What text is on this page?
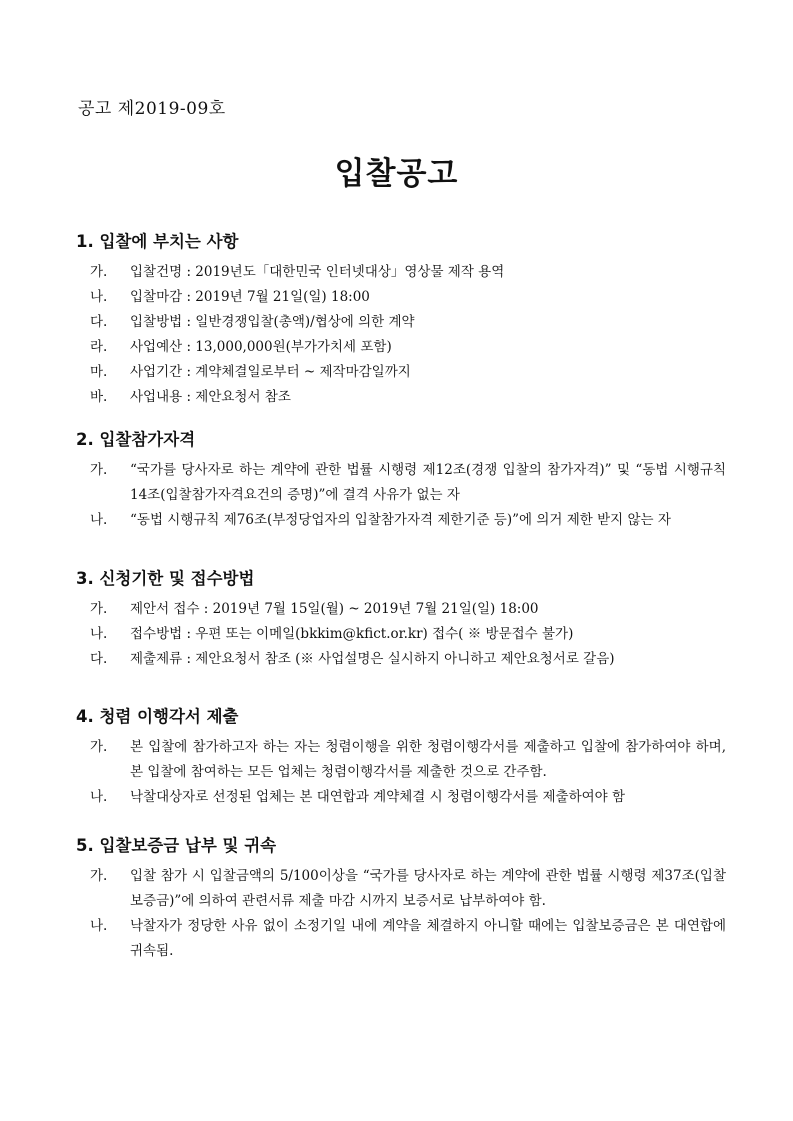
공고 제2019-09호
입찰공고
1. 입찰에 부치는 사항
가.	입찰건명 : 2019년도「대한민국 인터넷대상」영상물 제작 용역
나.	입찰마감 : 2019년 7월 21일(일) 18:00
다.	입찰방법 : 일반경쟁입찰(총액)/협상에 의한 계약
라.	사업예산 : 13,000,000원(부가가치세 포함)
마.	사업기간 : 계약체결일로부터 ~ 제작마감일까지
바.	사업내용 : 제안요청서 참조
2. 입찰참가자격
가.	“국가를 당사자로 하는 계약에 관한 법률 시행령 제12조(경쟁 입찰의 참가자격)” 및 “동법 시행규칙 14조(입찰참가자격요건의 증명)”에 결격 사유가 없는 자
나.	“동법 시행규칙 제76조(부정당업자의 입찰참가자격 제한기준 등)”에 의거 제한 받지 않는 자
3. 신청기한 및 접수방법
가.	제안서 접수 : 2019년 7월 15일(월) ~ 2019년 7월 21일(일) 18:00
나.	접수방법 : 우편 또는 이메일(bkkim@kfict.or.kr) 접수( ※ 방문접수 불가)
다.	제출제류 : 제안요청서 참조 (※ 사업설명은 실시하지 아니하고 제안요청서로 갈음)
4. 청렴 이행각서 제출
가.	본 입찰에 참가하고자 하는 자는 청렴이행을 위한 청렴이행각서를 제출하고 입찰에 참가하여야 하며, 본 입찰에 참여하는 모든 업체는 청렴이행각서를 제출한 것으로 간주함.
나.	낙찰대상자로 선정된 업체는 본 대연합과 계약체결 시 청렴이행각서를 제출하여야 함
5. 입찰보증금 납부 및 귀속
가.	입찰 참가 시 입찰금액의 5/100이상을 “국가를 당사자로 하는 계약에 관한 법률 시행령 제37조(입찰보증금)”에 의하여 관련서류 제출 마감 시까지 보증서로 납부하여야 함.
나.	낙찰자가 정당한 사유 없이 소정기일 내에 계약을 체결하지 아니할 때에는 입찰보증금은 본 대연합에 귀속됨.
